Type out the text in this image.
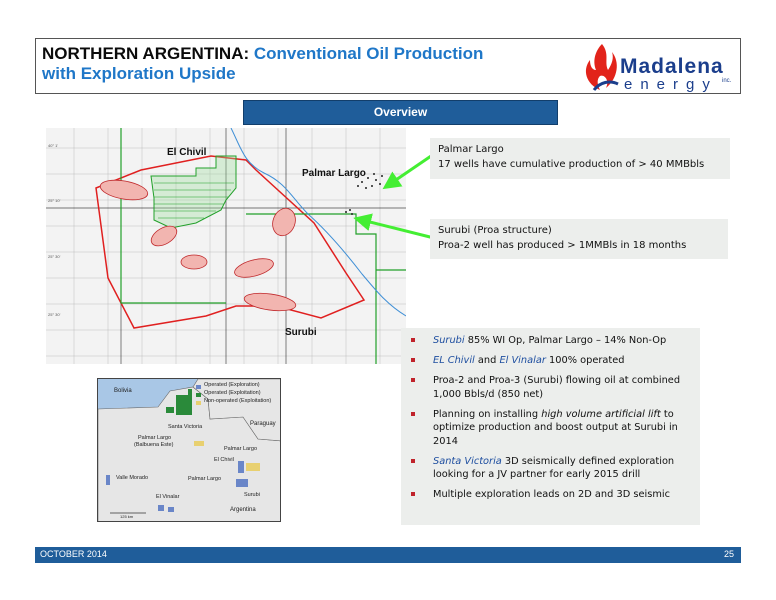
NORTHERN ARGENTINA: Conventional Oil Production
with Exploration Upside	Madalena
energy inc.
Overview
40° 1'
25° 10'
25° 30'
25° 30'
El Chivil
Palmar Largo
Surubi
Palmar Largo
17 wells have cumulative production of > 40 MMBbls
Surubi (Proa structure)
Proa-2 well has produced > 1MMBls in 18 months
Surubi 85% WI Op, Palmar Largo – 14% Non-Op
EL Chivil and El Vinalar 100% operated
Proa-2 and Proa-3 (Surubi) flowing oil at combined 1,000 Bbls/d (850 net)
Planning on installing high volume artificial lift to optimize production and boost output at Surubi in 2014
Santa Victoria 3D seismically defined exploration looking for a JV partner for early 2015 drill
Multiple exploration leads on 2D and 3D seismic
Operated (Exploration)
Operated (Exploitation)
Non-operated (Exploitation)
Bolivia
Santa Victoria	Paraguay
Palmar Largo
(Balbuena Este)
Palmar Largo
El Chivil
Valle Morado	Palmar Largo
El Vinalar	Surubi
Argentina
125 km
OCTOBER 2014	25
